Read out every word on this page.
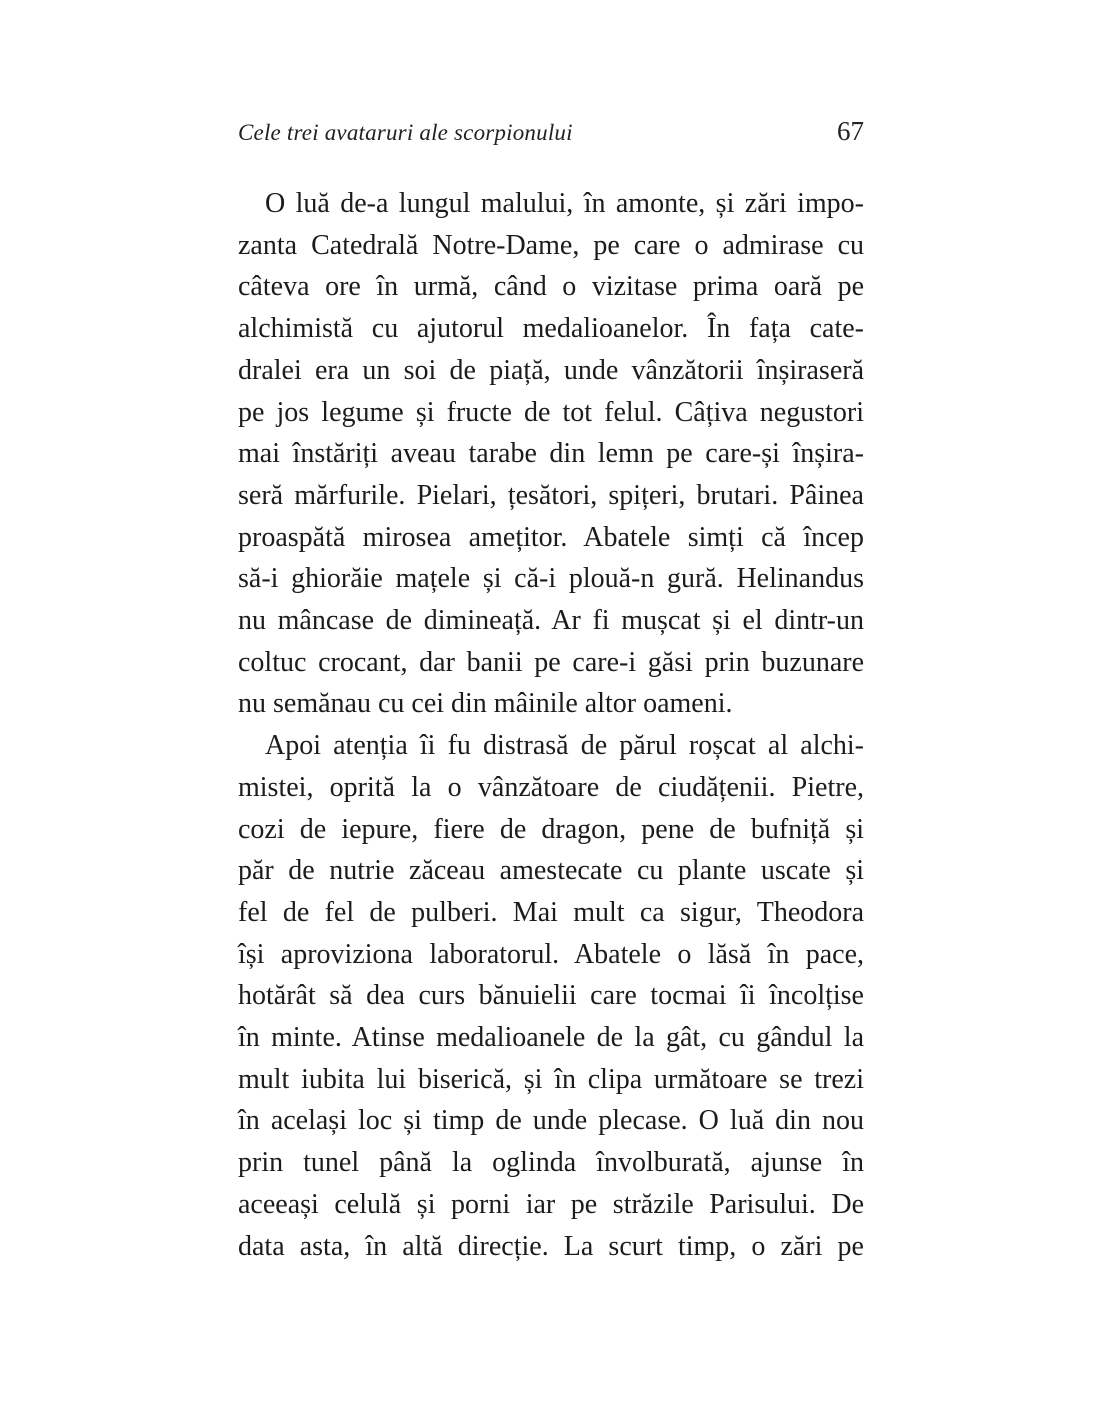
Cele trei avataruri ale scorpionului	67
O luă de-a lungul malului, în amonte, și zări impo-
zanta Catedrală Notre-Dame, pe care o admirase cu
câteva ore în urmă, când o vizitase prima oară pe
alchimistă cu ajutorul medalioanelor. În fața cate-
dralei era un soi de piață, unde vânzătorii înșiraseră
pe jos legume și fructe de tot felul. Câțiva negustori
mai înstăriți aveau tarabe din lemn pe care-și înșira-
seră mărfurile. Pielari, țesători, spițeri, brutari. Pâinea
proaspătă mirosea amețitor. Abatele simți că încep
să-i ghiorăie mațele și că-i plouă-n gură. Helinandus
nu mâncase de dimineață. Ar fi mușcat și el dintr-un
coltuc crocant, dar banii pe care-i găsi prin buzunare
nu semănau cu cei din mâinile altor oameni.
Apoi atenția îi fu distrasă de părul roșcat al alchi-
mistei, oprită la o vânzătoare de ciudățenii. Pietre,
cozi de iepure, fiere de dragon, pene de bufniță și
păr de nutrie zăceau amestecate cu plante uscate și
fel de fel de pulberi. Mai mult ca sigur, Theodora
își aproviziona laboratorul. Abatele o lăsă în pace,
hotărât să dea curs bănuielii care tocmai îi încolțise
în minte. Atinse medalioanele de la gât, cu gândul la
mult iubita lui biserică, și în clipa următoare se trezi
în același loc și timp de unde plecase. O luă din nou
prin tunel până la oglinda învolburată, ajunse în
aceeași celulă și porni iar pe străzile Parisului. De
data asta, în altă direcție. La scurt timp, o zări pe
